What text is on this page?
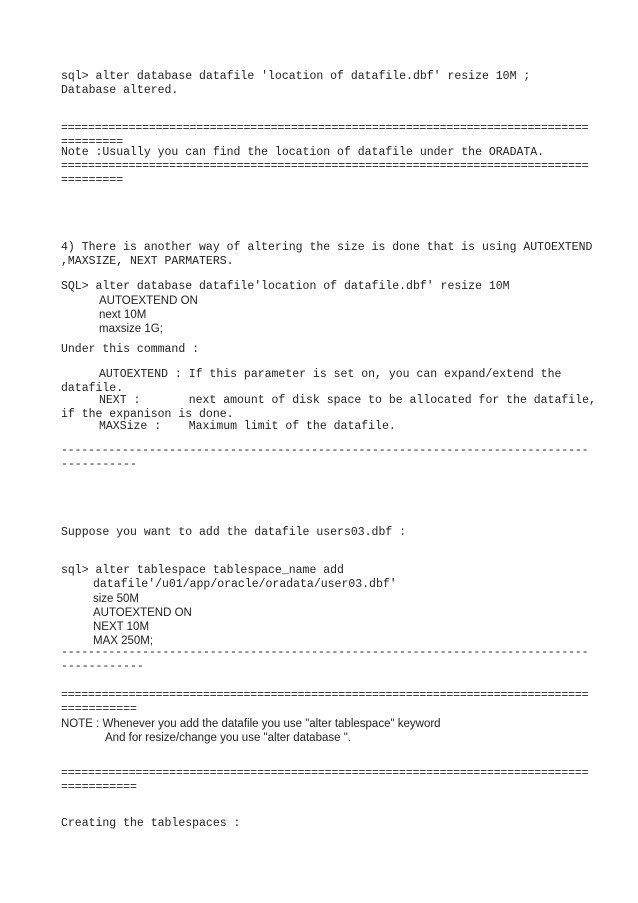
sql> alter database datafile 'location of datafile.dbf' resize 10M ;

Database altered.

==============================================================================

=========

Note :Usually you can find the location of datafile under the ORADATA.

==============================================================================

=========

4) There is another way of altering the size is done that is using AUTOEXTEND

,MAXSIZE, NEXT PARMATERS.

SQL> alter database datafile'location of datafile.dbf' resize 10M

AUTOEXTEND ON

next 10M

maxsize 1G;

Under this command :

AUTOEXTEND : If this parameter is set on, you can expand/extend the

datafile.

NEXT :       next amount of disk space to be allocated for the datafile,

if the expanison is done.

MAXSize :    Maximum limit of the datafile.

------------------------------------------------------------------------------

-----------

Suppose you want to add the datafile users03.dbf :

sql> alter tablespace tablespace_name add

datafile'/u01/app/oracle/oradata/user03.dbf'

size 50M

AUTOEXTEND ON

NEXT 10M

MAX 250M;

------------------------------------------------------------------------------

------------

==============================================================================

===========

NOTE : Whenever you add the datafile you use "alter tablespace" keyword

And for resize/change you use "alter database ".

==============================================================================

===========

Creating the tablespaces :
